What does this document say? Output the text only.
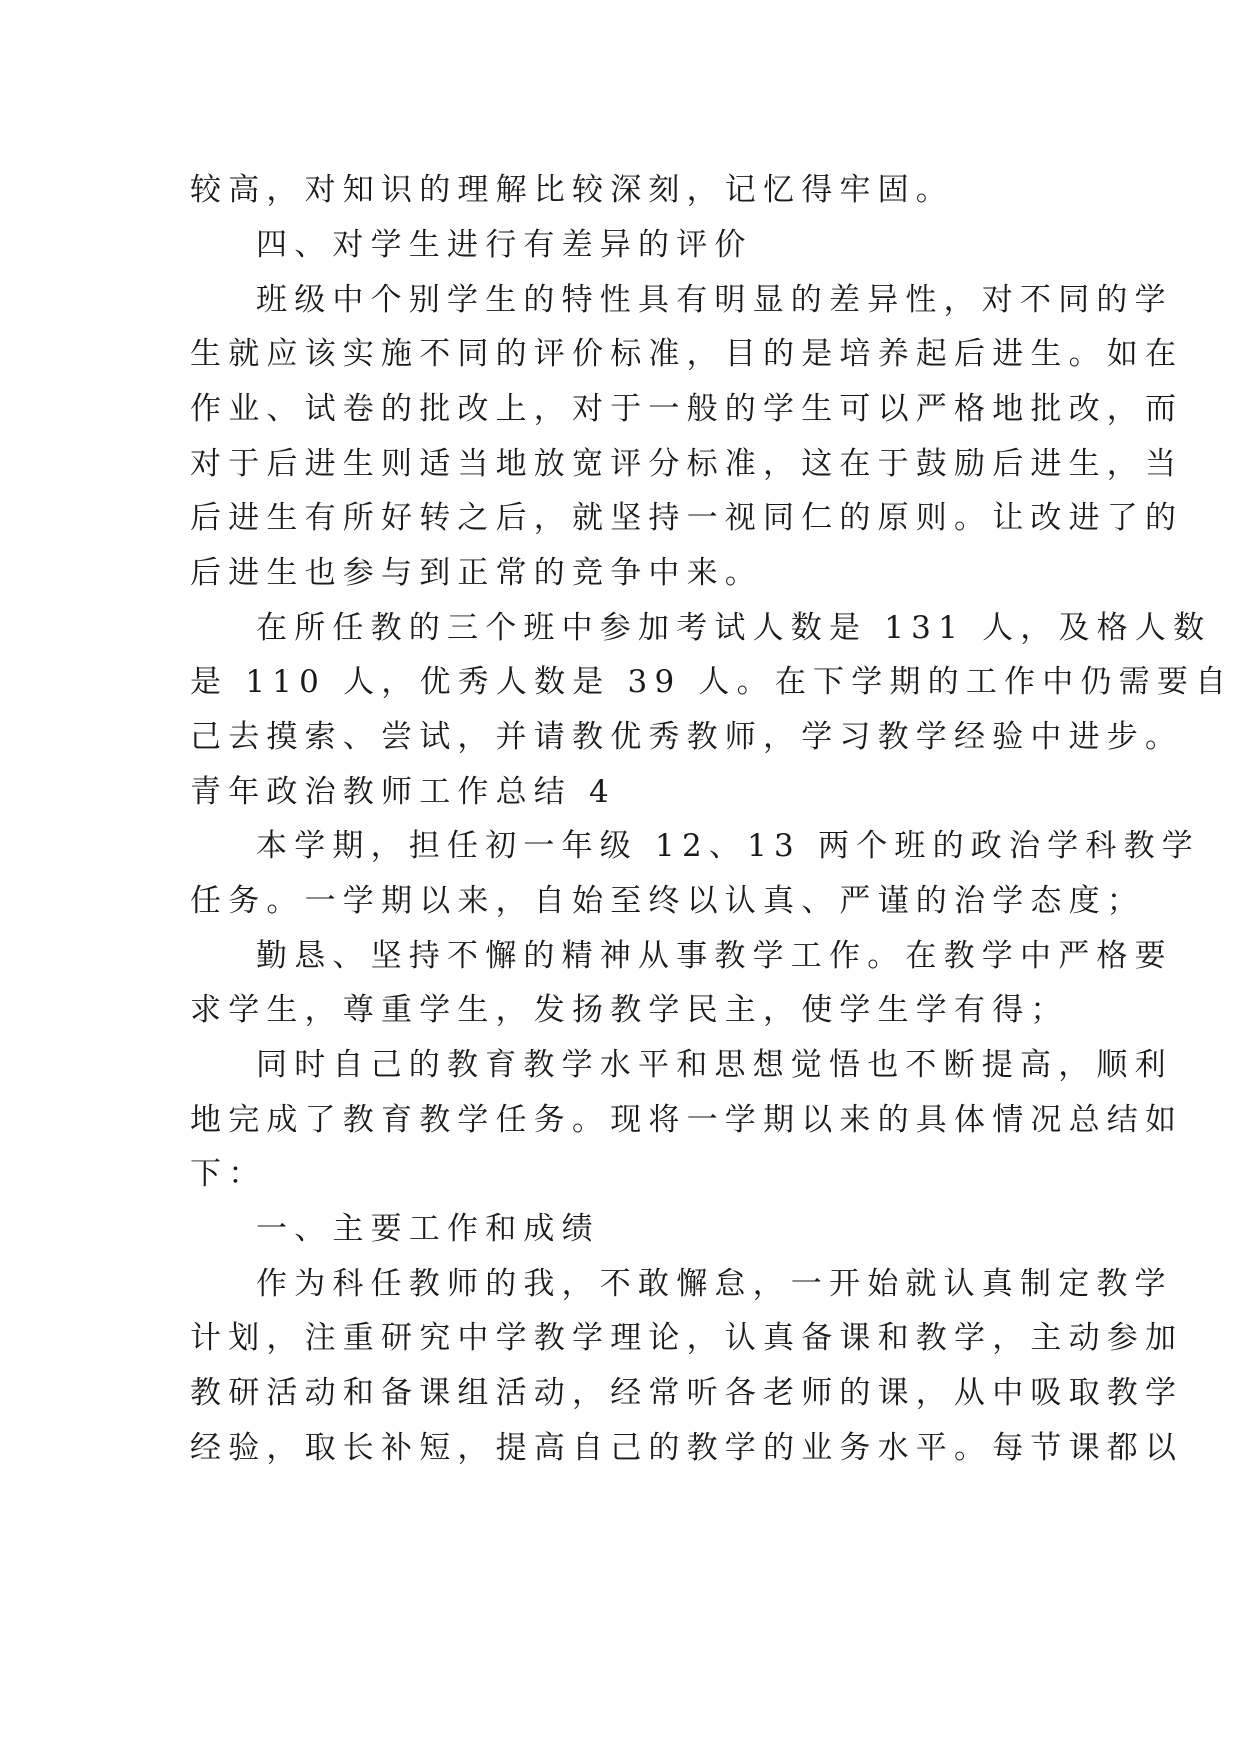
较高，对知识的理解比较深刻，记忆得牢固。
四、对学生进行有差异的评价
班级中个别学生的特性具有明显的差异性，对不同的学
生就应该实施不同的评价标准，目的是培养起后进生。如在
作业、试卷的批改上，对于一般的学生可以严格地批改，而
对于后进生则适当地放宽评分标准，这在于鼓励后进生，当
后进生有所好转之后，就坚持一视同仁的原则。让改进了的
后进生也参与到正常的竞争中来。
在所任教的三个班中参加考试人数是 131 人，及格人数
是 110 人，优秀人数是 39 人。在下学期的工作中仍需要自
己去摸索、尝试，并请教优秀教师，学习教学经验中进步。
青年政治教师工作总结 4
本学期，担任初一年级 12、13 两个班的政治学科教学
任务。一学期以来，自始至终以认真、严谨的治学态度；
勤恳、坚持不懈的精神从事教学工作。在教学中严格要
求学生，尊重学生，发扬教学民主，使学生学有得；
同时自己的教育教学水平和思想觉悟也不断提高，顺利
地完成了教育教学任务。现将一学期以来的具体情况总结如
下：
一、主要工作和成绩
作为科任教师的我，不敢懈怠，一开始就认真制定教学
计划，注重研究中学教学理论，认真备课和教学，主动参加
教研活动和备课组活动，经常听各老师的课，从中吸取教学
经验，取长补短，提高自己的教学的业务水平。每节课都以
